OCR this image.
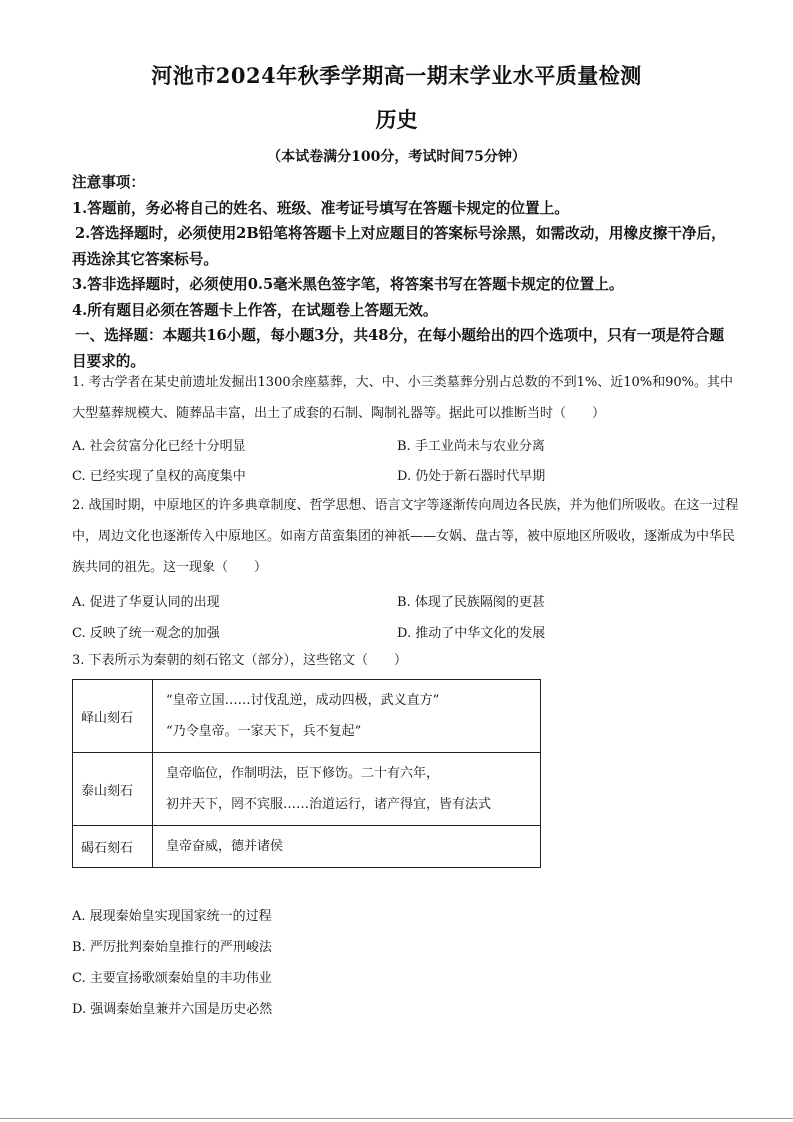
河池市2024年秋季学期高一期末学业水平质量检测
历史
（本试卷满分100分，考试时间75分钟）
注意事项：
1.答题前，务必将自己的姓名、班级、准考证号填写在答题卡规定的位置上。
2.答选择题时，必须使用2B铅笔将答题卡上对应题目的答案标号涂黑，如需改动，用橡皮擦干净后，再选涂其它答案标号。
3.答非选择题时，必须使用0.5毫米黑色签字笔，将答案书写在答题卡规定的位置上。
4.所有题目必须在答题卡上作答，在试题卷上答题无效。
一、选择题：本题共16小题，每小题3分，共48分，在每小题给出的四个选项中，只有一项是符合题目要求的。
1. 考古学者在某史前遗址发掘出1300余座墓葬，大、中、小三类墓葬分别占总数的不到1%、近10%和90%。其中大型墓葬规模大、随葬品丰富，出土了成套的石制、陶制礼器等。据此可以推断当时（　　）
A. 社会贫富分化已经十分明显	B. 手工业尚未与农业分离
C. 已经实现了皇权的高度集中	D. 仍处于新石器时代早期
2. 战国时期，中原地区的许多典章制度、哲学思想、语言文字等逐渐传向周边各民族，并为他们所吸收。在这一过程中，周边文化也逐渐传入中原地区。如南方苗蛮集团的神祇——女娲、盘古等，被中原地区所吸收，逐渐成为中华民族共同的祖先。这一现象（　　）
A. 促进了华夏认同的出现	B. 体现了民族隔阂的更甚
C. 反映了统一观念的加强	D. 推动了中华文化的发展
3. 下表所示为秦朝的刻石铭文（部分），这些铭文（　　）
峄山刻石	“皇帝立国……讨伐乱逆，成动四极，武义直方”
“乃令皇帝。一家天下，兵不复起”

泰山刻石	皇帝临位，作制明法，臣下修饬。二十有六年，
初并天下，罔不宾服……治道运行，诸产得宜，皆有法式

碣石刻石	皇帝奋威，德并诸侯
A. 展现秦始皇实现国家统一的过程
B. 严厉批判秦始皇推行的严刑峻法
C. 主要宣扬歌颂秦始皇的丰功伟业
D. 强调秦始皇兼并六国是历史必然
